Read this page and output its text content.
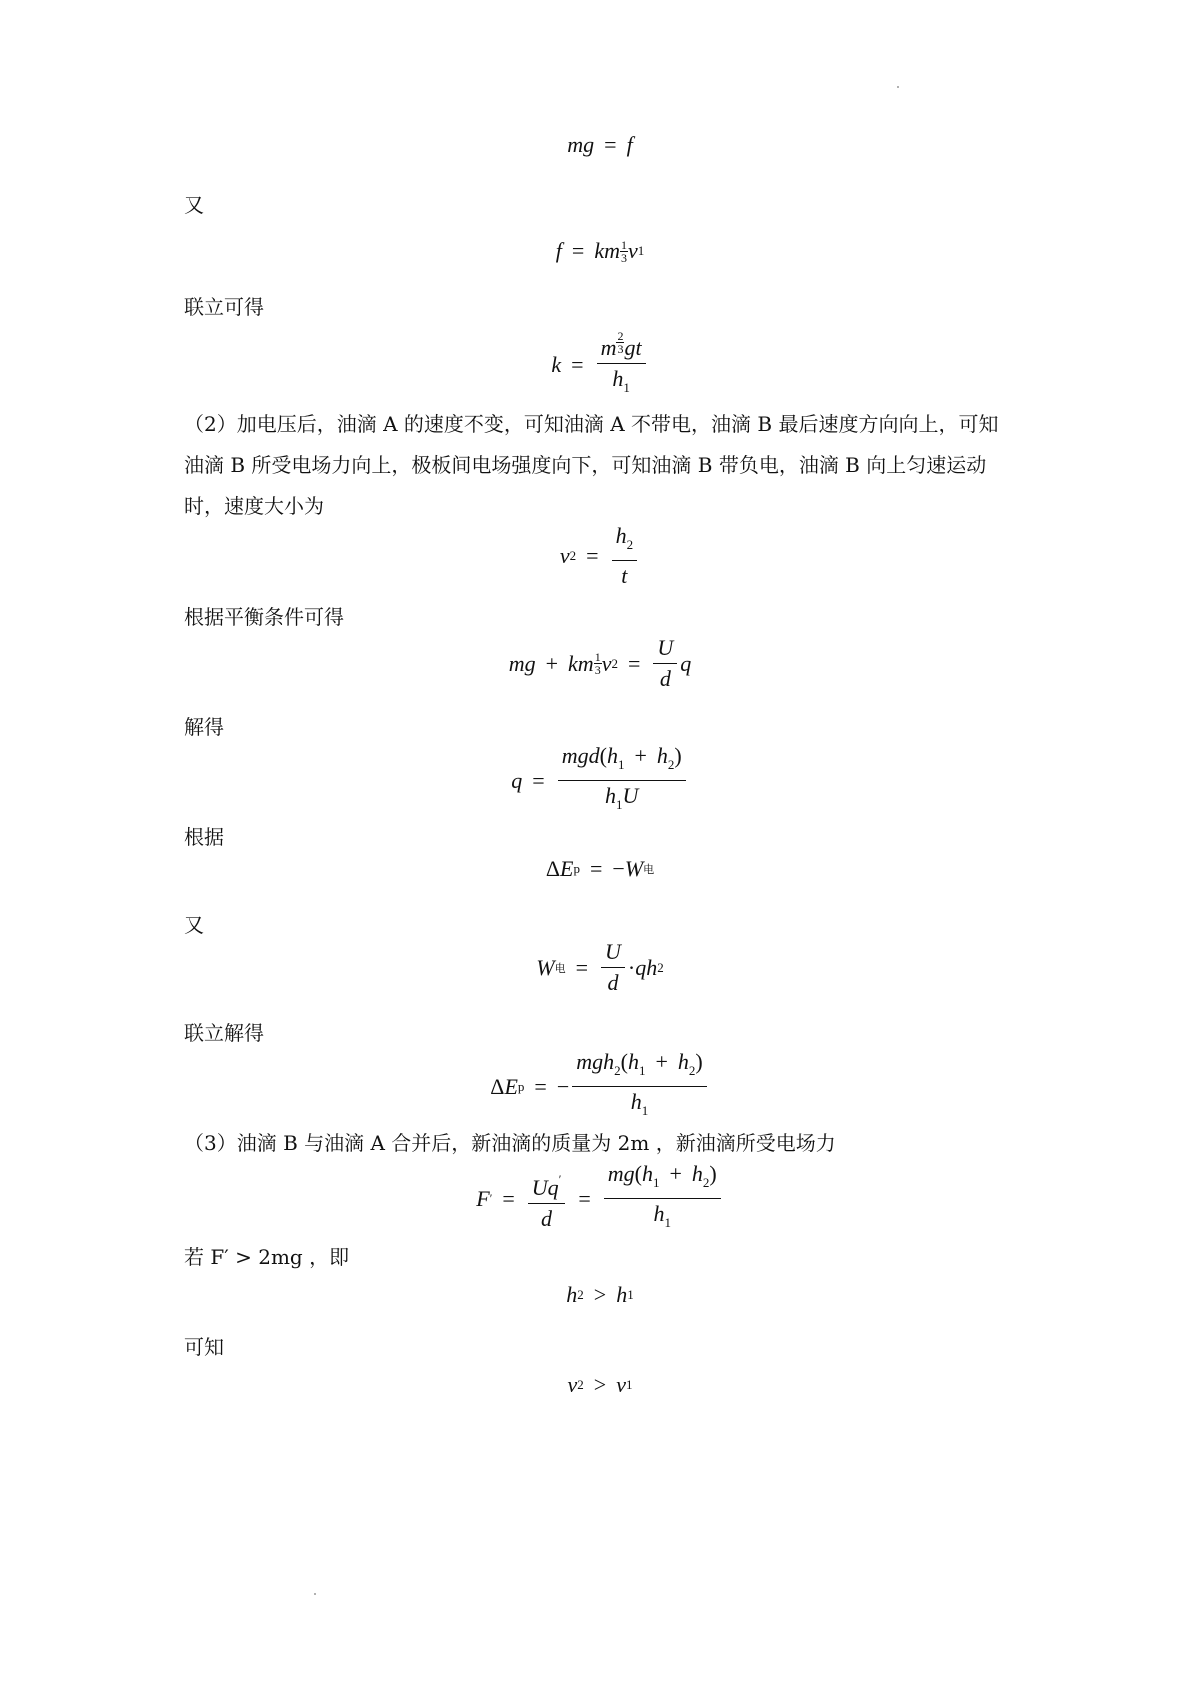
mg = f
又
f = km $\frac{1}{3}$ v 1
联立可得
$k = \frac{m \frac{2}{3} gt}{h_1}$
（2）加电压后，油滴 A 的速度不变，可知油滴 A 不带电，油滴 B 最后速度方向向上，可知
油滴 B 所受电场力向上，极板间电场强度向下，可知油滴 B 带负电，油滴 B 向上匀速运动
时，速度大小为
v $2 = \frac{h_2}{t}$
根据平衡条件可得
mg + km $\frac{1}{3}$ v $2 = \frac{U}{d}$ q
解得
$q = \frac{mgd(h_1 + h_2)}{h_1U}$
根据
Δ E p = − W 电
又
W 电 = $\frac{U}{d}$ · qh 2
联立解得
Δ E p = − $\frac{mgh_2(h_1 + h_2)}{h_1}$
（3）油滴 B 与油滴 A 合并后，新油滴的质量为 2m ，新油滴所受电场力
F ′ = $\frac{Uq'}{d} = \frac{mg(h_1 + h_2)}{h_1}$
若 F′ > 2mg ，即
h 2 > h 1
可知
v 2 > v 1
